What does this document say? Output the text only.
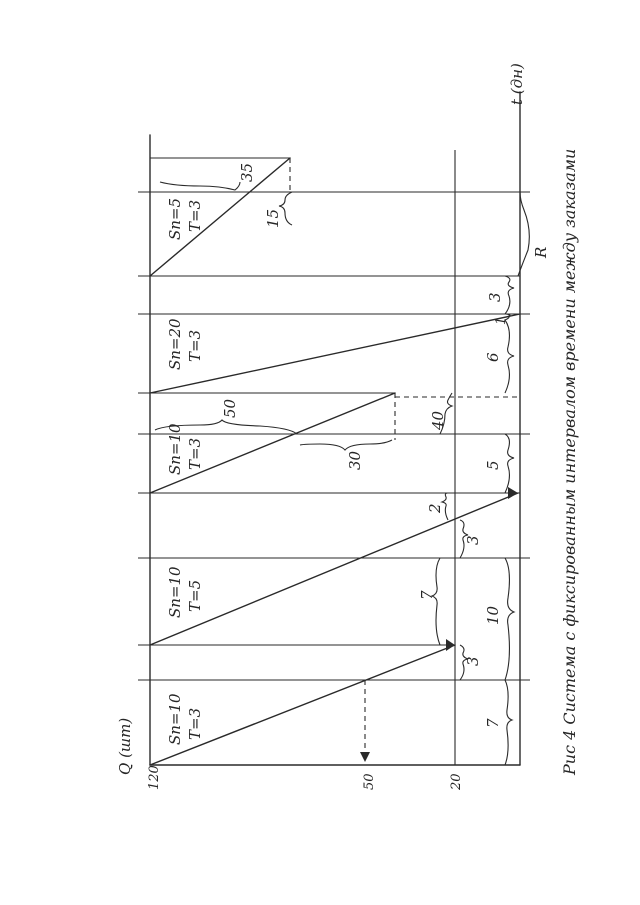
t (дн)
Q (шт)
120	50	20
7
3
10
7
3
2
5
30
50
40
6
1
3
15
35
R
Sп=10 T=3
Sп=10 T=5
Sп=10 T=3
Sп=20 T=3
Sп=5 T=3	Рис 4 Система с фиксированным интервалом времени между заказами
